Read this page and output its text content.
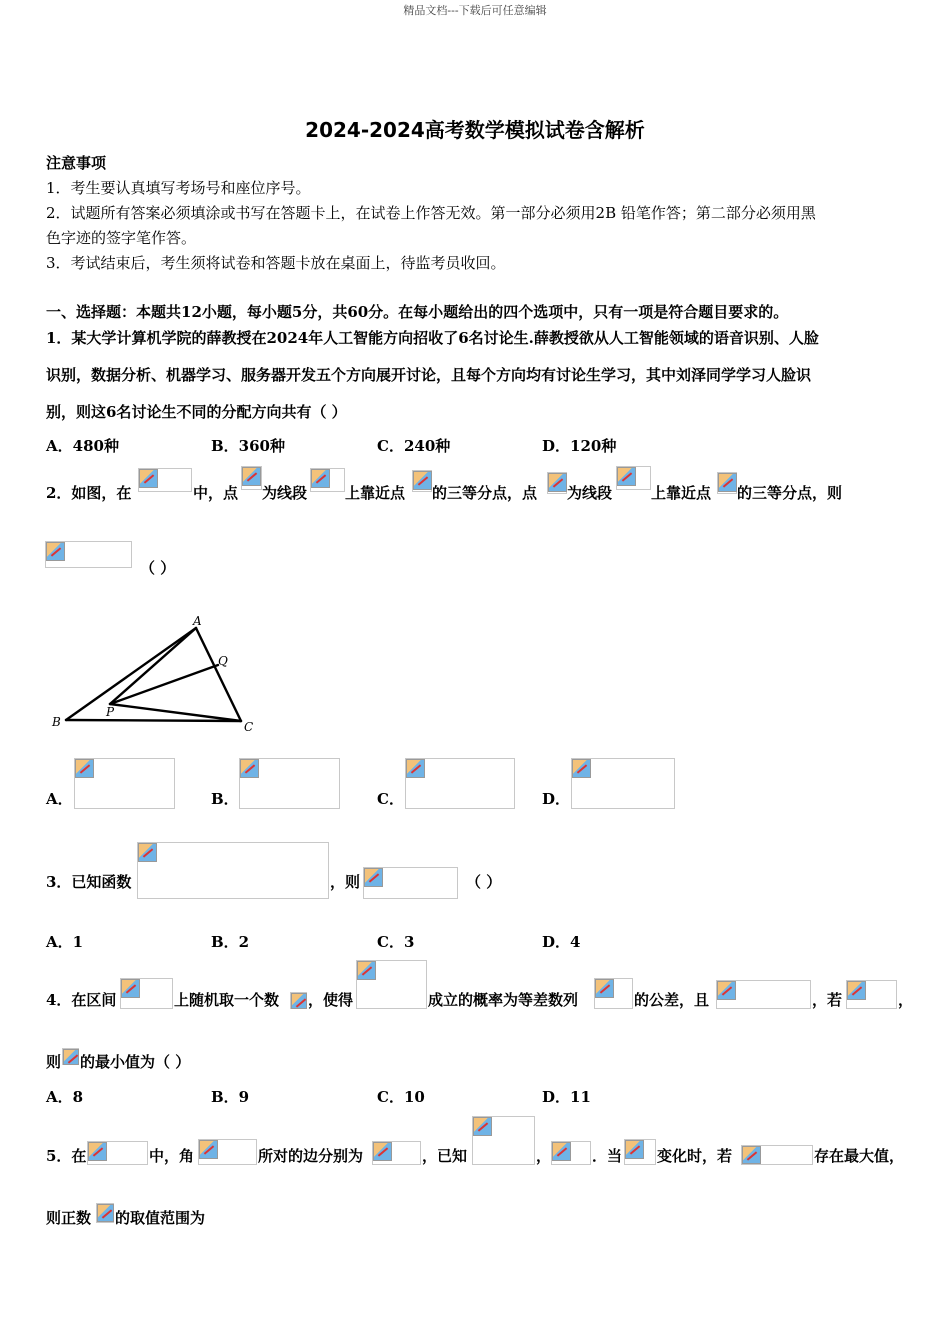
精品文档---下载后可任意编辑
2024-2024高考数学模拟试卷含解析
注意事项
1．考生要认真填写考场号和座位序号。
2．试题所有答案必须填涂或书写在答题卡上，在试卷上作答无效。第一部分必须用2B 铅笔作答；第二部分必须用黑
色字迹的签字笔作答。
3．考试结束后，考生须将试卷和答题卡放在桌面上，待监考员收回。
一、选择题：本题共12小题，每小题5分，共60分。在每小题给出的四个选项中，只有一项是符合题目要求的。
1．某大学计算机学院的薛教授在2024年人工智能方向招收了6名讨论生.薛教授欲从人工智能领域的语音识别、人脸
识别，数据分析、机器学习、服务器开发五个方向展开讨论，且每个方向均有讨论生学习，其中刘泽同学学习人脸识
别，则这6名讨论生不同的分配方向共有（ ）
A．480种	B．360种	C．240种	D．120种
2．如图，在	中，点 为线段	上靠近点 的三等分点，点 为线段	上靠近点 的三等分点，则
（ ）
A
Q
B
P
C
A．	B．	C．	D．
3．已知函数	，则	（ ）
A．1	B．2	C．3	D．4
4．在区间	上随机取一个数 ，使得	成立的概率为等差数列	的公差，且	，若	，
则 的最小值为（ ）
A．8	B．9	C．10	D．11
5．在	中，角	所对的边分别为	，已知	，	．当 变化时，若	存在最大值，
则正数 的取值范围为
